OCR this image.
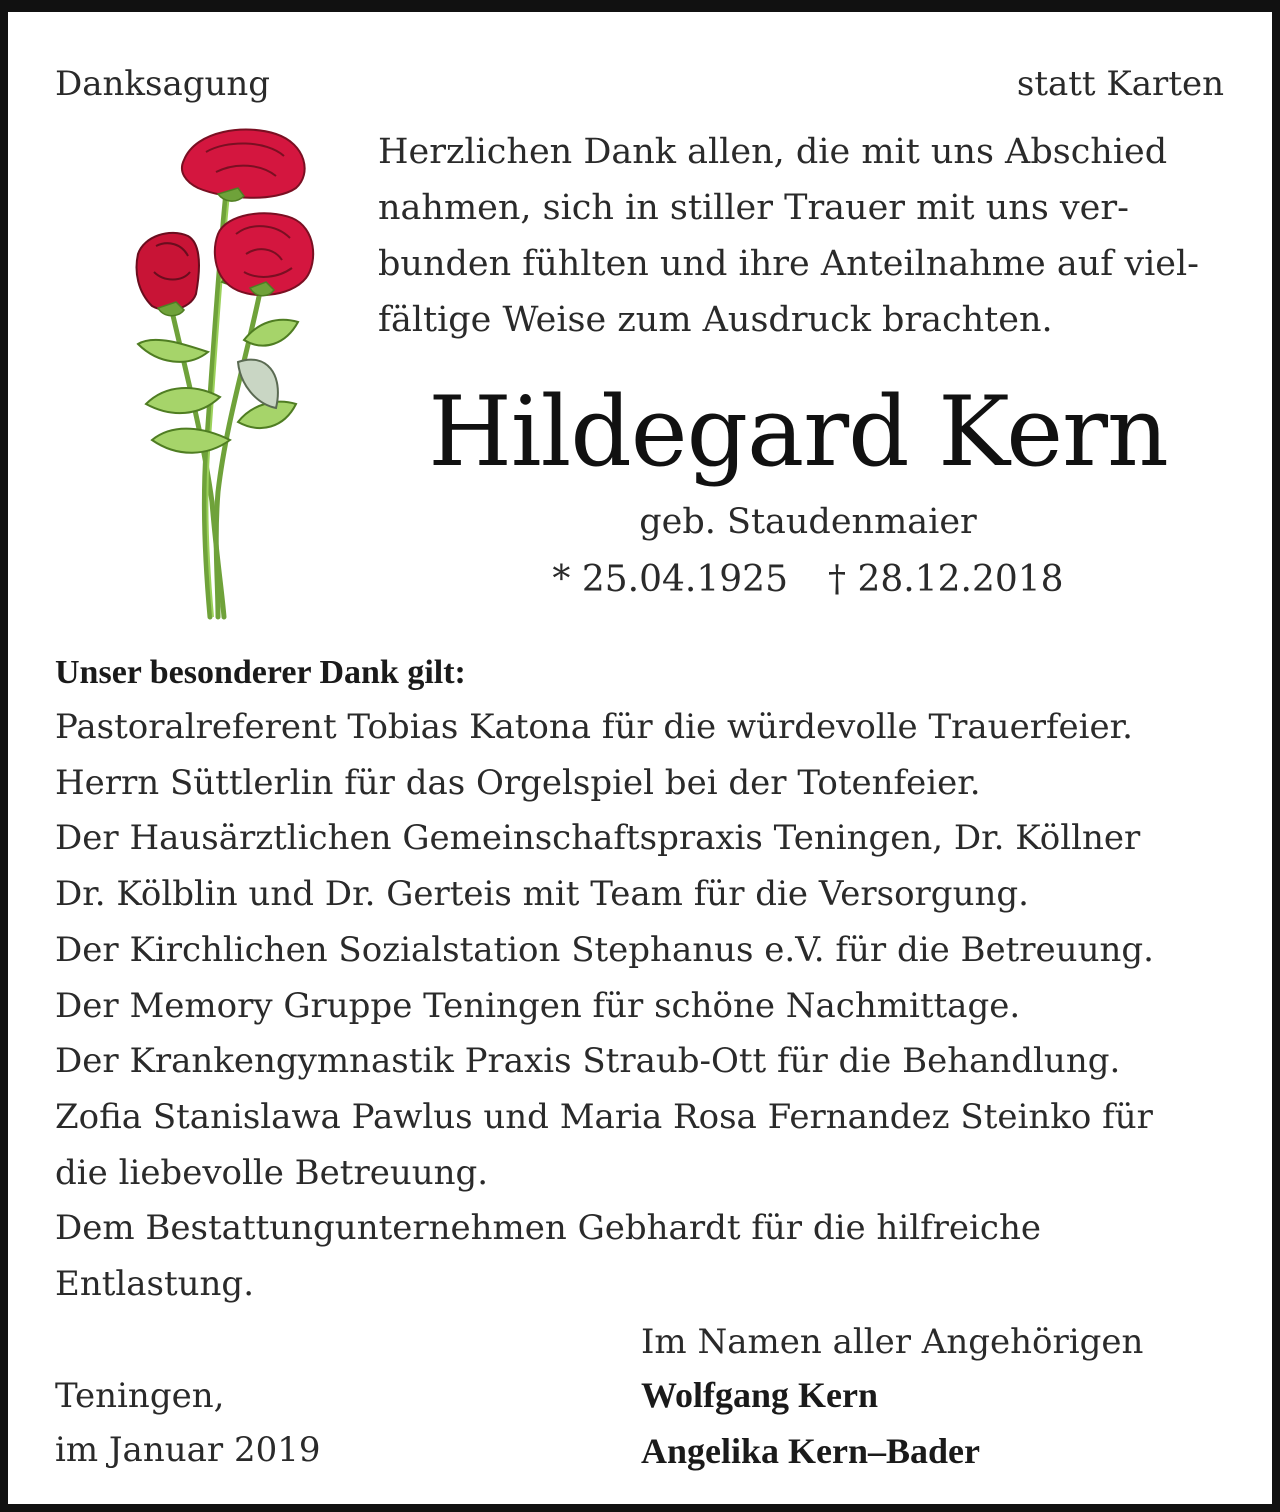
Danksagung	statt Karten
Herzlichen Dank allen, die mit uns Abschied
nahmen, sich in stiller Trauer mit uns ver-
bunden fühlten und ihre Anteilnahme auf viel-
fältige Weise zum Ausdruck brachten.
Hildegard Kern
geb. Staudenmaier
* 25.04.1925 † 28.12.2018
Unser besonderer Dank gilt:
Pastoralreferent Tobias Katona für die würdevolle Trauerfeier.
Herrn Süttlerlin für das Orgelspiel bei der Totenfeier.
Der Hausärztlichen Gemeinschaftspraxis Teningen, Dr. Köllner
Dr. Kölblin und Dr. Gerteis mit Team für die Versorgung.
Der Kirchlichen Sozialstation Stephanus e.V. für die Betreuung.
Der Memory Gruppe Teningen für schöne Nachmittage.
Der Krankengymnastik Praxis Straub-Ott für die Behandlung.
Zofia Stanislawa Pawlus und Maria Rosa Fernandez Steinko für
die liebevolle Betreuung.
Dem Bestattungunternehmen Gebhardt für die hilfreiche
Entlastung.
Im Namen aller Angehörigen
Wolfgang Kern
Angelika Kern–Bader
Teningen,
im Januar 2019
